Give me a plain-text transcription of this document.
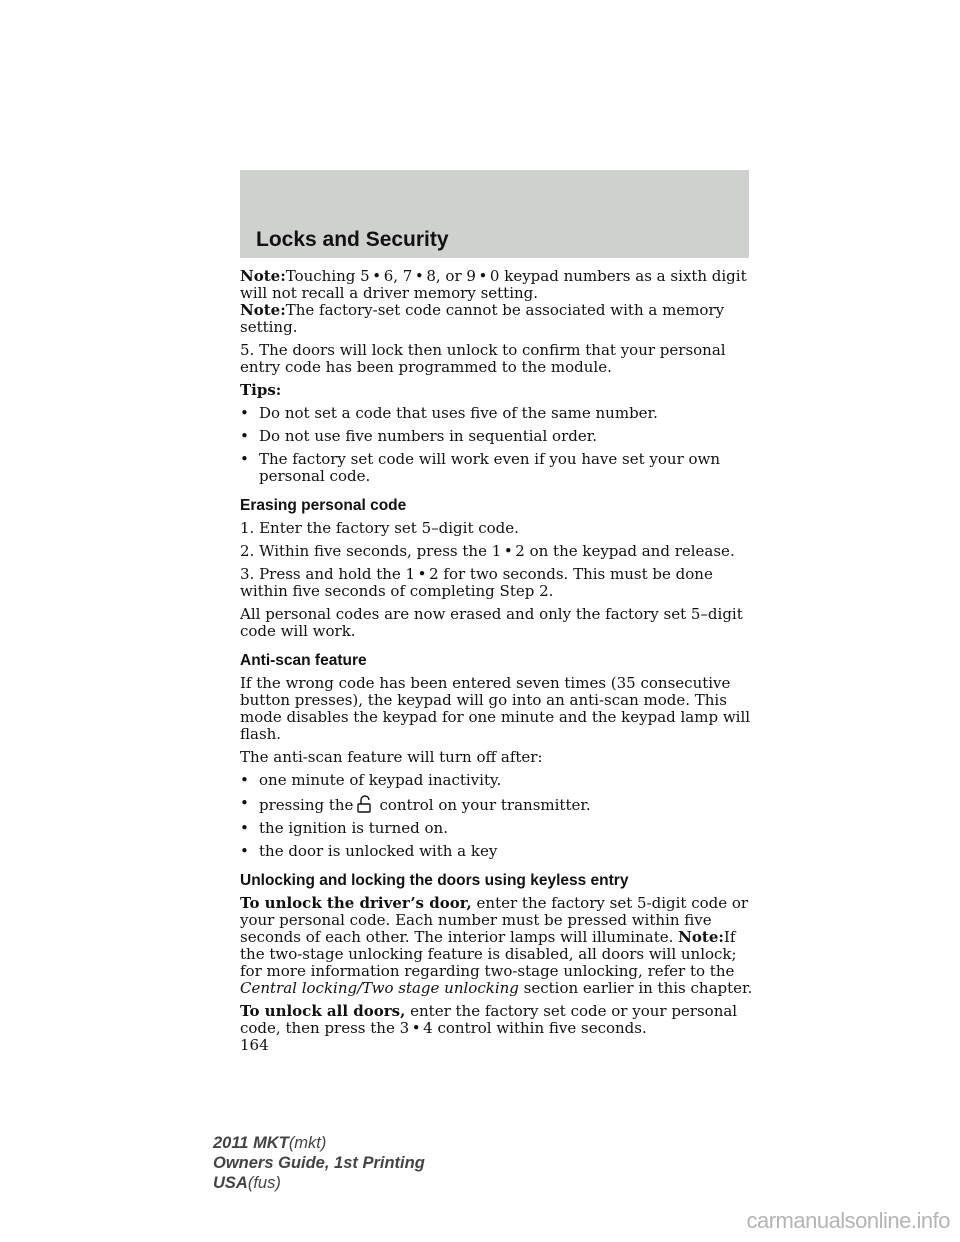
Locks and Security

Note:Touching 5 • 6, 7 • 8, or 9 • 0 keypad numbers as a sixth digit will not recall a driver memory setting.
Note:The factory-set code cannot be associated with a memory setting.

5. The doors will lock then unlock to confirm that your personal entry code has been programmed to the module.

Tips:

• Do not set a code that uses five of the same number.
• Do not use five numbers in sequential order.
• The factory set code will work even if you have set your own personal code.
Erasing personal code

1. Enter the factory set 5–digit code.

2. Within five seconds, press the 1 • 2 on the keypad and release.

3. Press and hold the 1 • 2 for two seconds. This must be done within five seconds of completing Step 2.

All personal codes are now erased and only the factory set 5–digit code will work.

Anti-scan feature

If the wrong code has been entered seven times (35 consecutive button presses), the keypad will go into an anti-scan mode. This mode disables the keypad for one minute and the keypad lamp will flash.

The anti-scan feature will turn off after:

• one minute of keypad inactivity.
• pressing the control on your transmitter.
• the ignition is turned on.
• the door is unlocked with a key
Unlocking and locking the doors using keyless entry

To unlock the driver’s door, enter the factory set 5-digit code or your personal code. Each number must be pressed within five seconds of each other. The interior lamps will illuminate. Note:If the two-stage unlocking feature is disabled, all doors will unlock; for more information regarding two-stage unlocking, refer to the Central locking/Two stage unlocking section earlier in this chapter.

To unlock all doors, enter the factory set code or your personal code, then press the 3 • 4 control within five seconds.
164

2011 MKT(mkt)
Owners Guide, 1st Printing
USA(fus)
carmanualsonline.info
